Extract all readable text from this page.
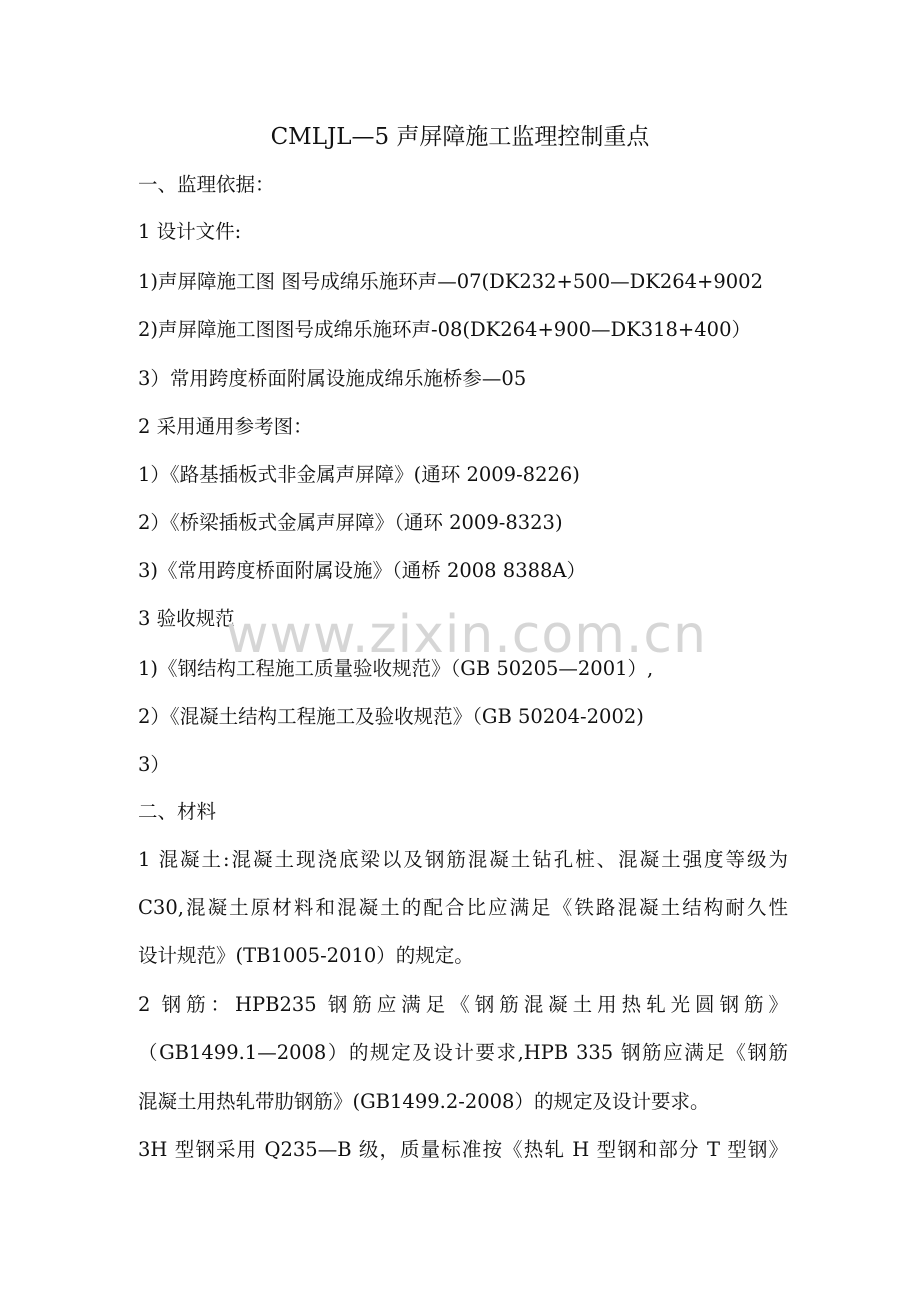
CMLJL—5 声屏障施工监理控制重点
一、监理依据：
1 设计文件:
1)声屏障施工图 图号成绵乐施环声—07(DK232+500—DK264+9002
2)声屏障施工图图号成绵乐施环声-08(DK264+900—DK318+400）
3）常用跨度桥面附属设施成绵乐施桥参—05
2 采用通用参考图：
1）《路基插板式非金属声屏障》(通环 2009-8226)
2）《桥梁插板式金属声屏障》（通环 2009-8323)
3)《常用跨度桥面附属设施》（通桥 2008 8388A）
3 验收规范
1)《钢结构工程施工质量验收规范》（GB 50205—2001）,
2）《混凝土结构工程施工及验收规范》（GB 50204-2002)
3）
二、材料
1 混凝土:混凝土现浇底梁以及钢筋混凝土钻孔桩、混凝土强度等级为
C30,混凝土原材料和混凝土的配合比应满足《铁路混凝土结构耐久性
设计规范》(TB1005-2010）的规定。
2 钢筋：HPB235 钢筋应满足《钢筋混凝土用热轧光圆钢筋》
（GB1499.1—2008）的规定及设计要求,HPB 335 钢筋应满足《钢筋
混凝土用热轧带肋钢筋》(GB1499.2-2008）的规定及设计要求。
3H 型钢采用 Q235—B 级，质量标准按《热轧 H 型钢和部分 T 型钢》
www.zixin.com.cn
